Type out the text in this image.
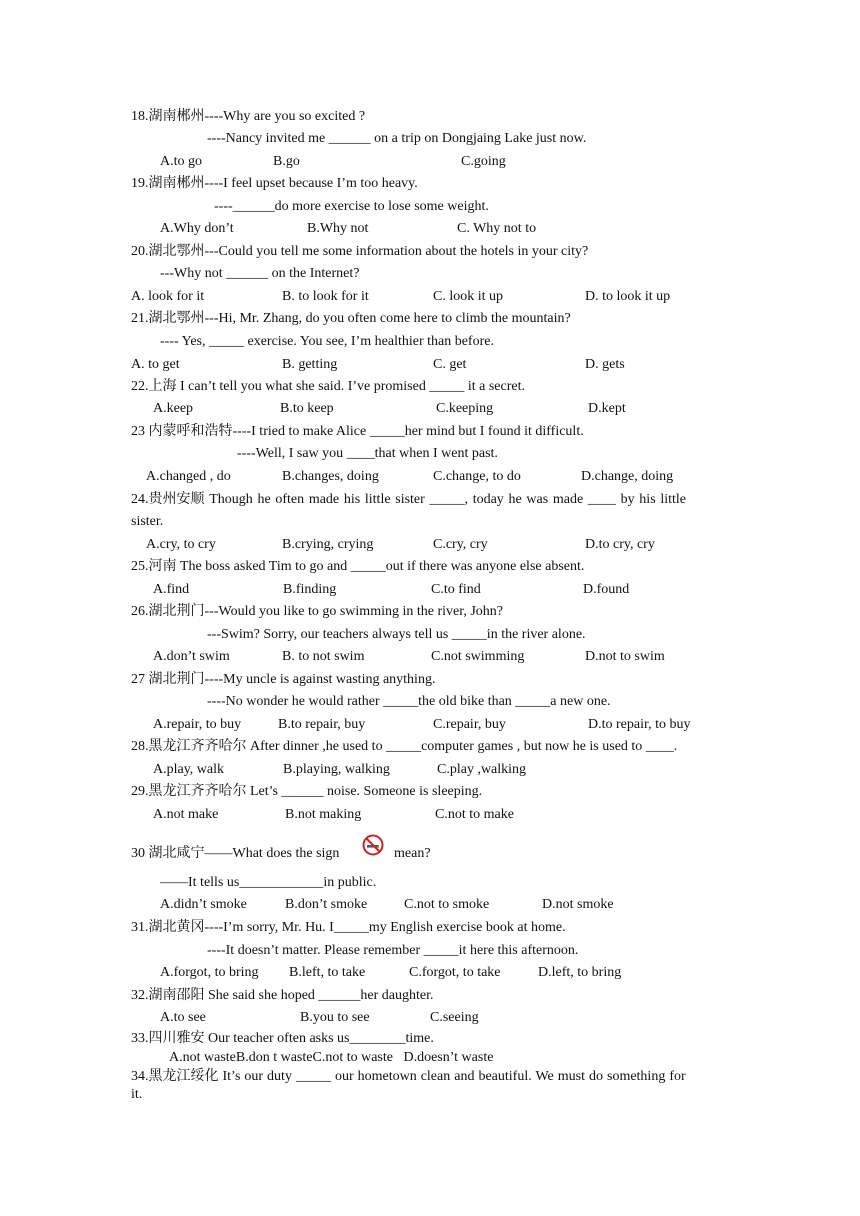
18.湖南郴州----Why are you so excited ?
----Nancy invited me ______ on a trip on Dongjaing Lake just now.
A.to go	B.go	C.going
19.湖南郴州----I feel upset because I’m too heavy.
----______do more exercise to lose some weight.
A.Why don’t	B.Why not	C. Why not to
20.湖北鄂州---Could you tell me some information about the hotels in your city?
---Why not ______ on the Internet?
A. look for it	B. to look for it	C. look it up	D. to look it up
21.湖北鄂州---Hi, Mr. Zhang, do you often come here to climb the mountain?
---- Yes, _____ exercise. You see, I’m healthier than before.
A. to get	B. getting	C. get	D. gets
22.上海 I can’t tell you what she said. I’ve promised _____ it a secret.
A.keep	B.to keep	C.keeping	D.kept
23 内蒙呼和浩特----I tried to make Alice _____her mind but I found it difficult.
----Well, I saw you ____that when I went past.
A.changed , do	B.changes, doing	C.change, to do	D.change, doing
24.贵州安顺 Though he often made his little sister _____, today he was made ____ by his little
sister.
A.cry, to cry	B.crying, crying	C.cry, cry	D.to cry, cry
25.河南 The boss asked Tim to go and _____out if there was anyone else absent.
A.find	B.finding	C.to find	D.found
26.湖北荆门---Would you like to go swimming in the river, John?
---Swim? Sorry, our teachers always tell us _____in the river alone.
A.don’t swim	B. to not swim	C.not swimming	D.not to swim
27 湖北荆门----My uncle is against wasting anything.
----No wonder he would rather _____the old bike than _____a new one.
A.repair, to buy	B.to repair, buy	C.repair, buy	D.to repair, to buy
28.黑龙江齐齐哈尔 After dinner ,he used to _____computer games , but now he is used to ____.
A.play, walk	B.playing, walking	C.play ,walking
29.黑龙江齐齐哈尔 Let’s ______ noise. Someone is sleeping.
A.not make	B.not making	C.not to make
30 湖北咸宁——What does the sign	mean?
——It tells us____________in public.
A.didn’t smoke	B.don’t smoke	C.not to smoke	D.not smoke
31.湖北黄冈----I’m sorry, Mr. Hu. I_____my English exercise book at home.
----It doesn’t matter. Please remember _____it here this afternoon.
A.forgot, to bring B.left, to take	C.forgot, to take	D.left, to bring
32.湖南邵阳 She said she hoped ______her daughter.
A.to see	B.you to see	C.seeing
33.四川雅安 Our teacher often asks us________time.
A.not wasteB.don t wasteC.not to waste   D.doesn’t waste
34.黑龙江绥化 It’s our duty _____ our hometown clean and beautiful. We must do something for
it.
